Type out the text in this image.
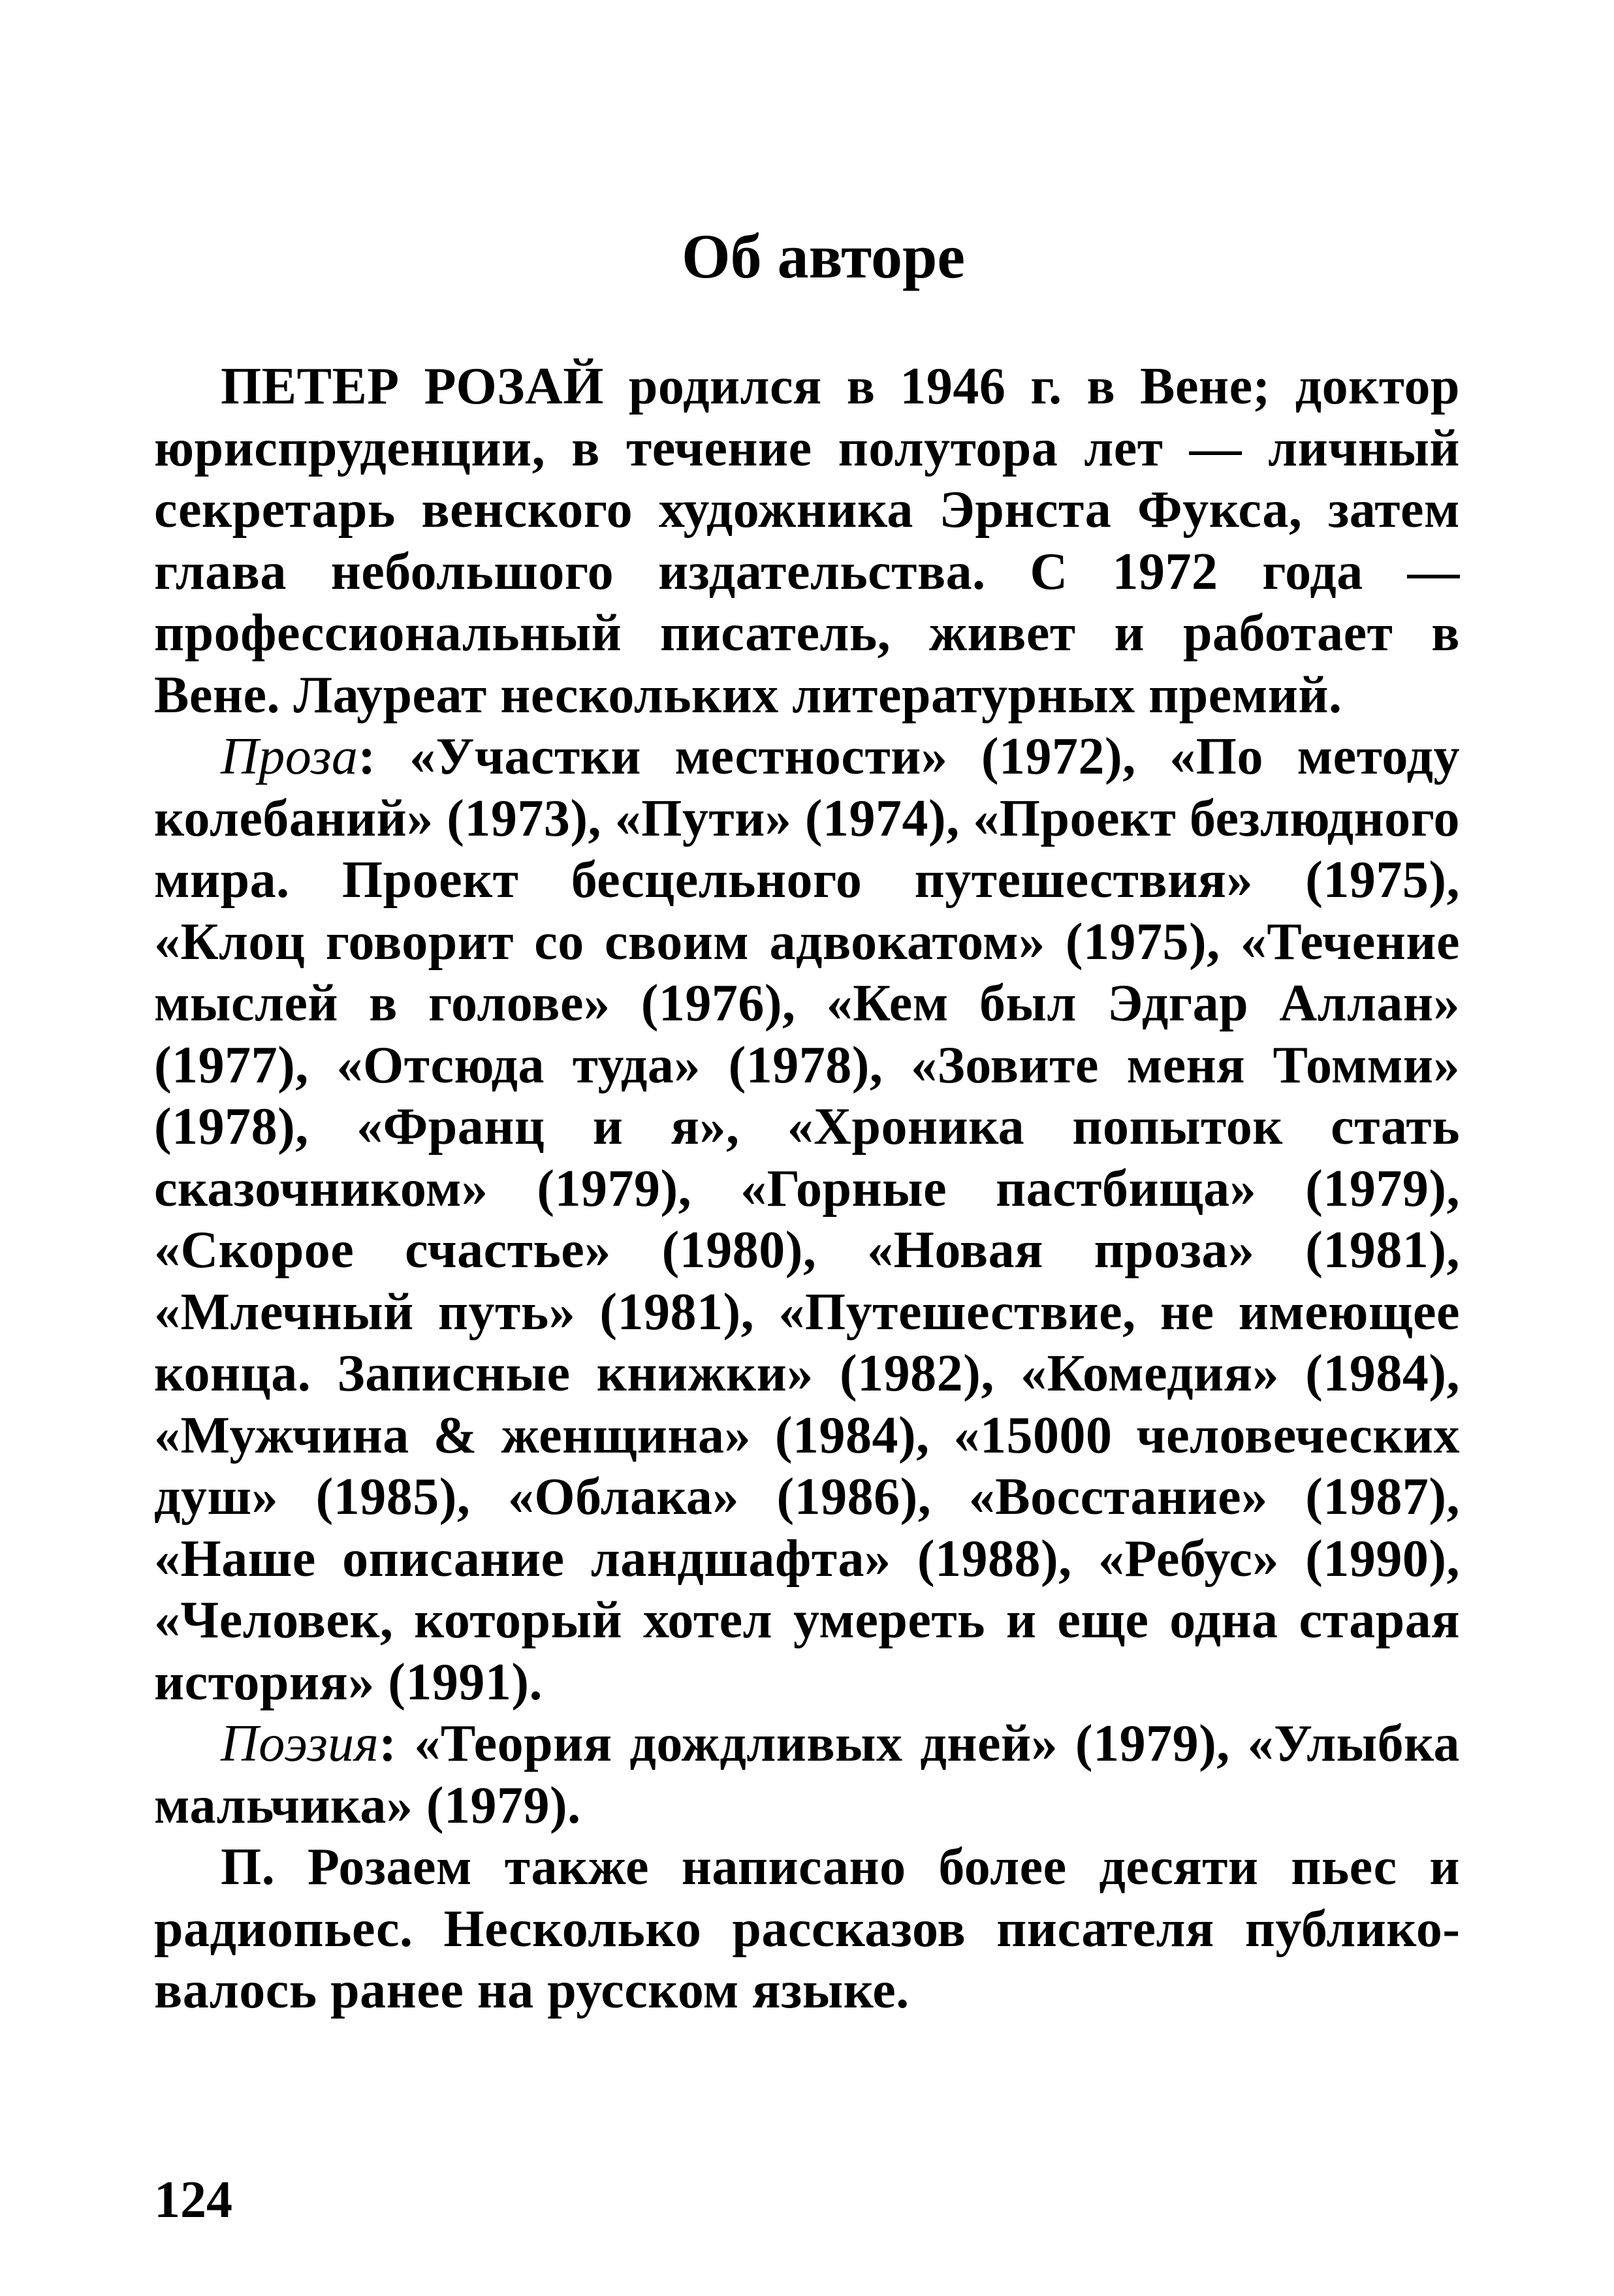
Об авторе

ПЕТЕР РОЗАЙ родился в 1946 г. в Вене; доктор юриспруденции, в течение полутора лет — личный секретарь венского художника Эрнста Фукса, затем глава небольшого издательства. С 1972 года — профессиональный писатель, живет и работает в Вене. Лауреат нескольких литературных премий.

Проза: «Участки местности» (1972), «По методу колебаний» (1973), «Пути» (1974), «Проект безлюдного мира. Проект бесцельного путешествия» (1975), «Клоц говорит со своим адвокатом» (1975), «Течение мыслей в голове» (1976), «Кем был Эдгар Аллан» (1977), «Отсюда туда» (1978), «Зовите меня Томми» (1978), «Франц и я», «Хроника попыток стать сказочником» (1979), «Горные пастбища» (1979), «Скорое счастье» (1980), «Новая проза» (1981), «Млечный путь» (1981), «Путешествие, не имеющее конца. Записные книжки» (1982), «Комедия» (1984), «Мужчина & женщина» (1984), «15000 человеческих душ» (1985), «Облака» (1986), «Восстание» (1987), «Наше описание ландшафта» (1988), «Ребус» (1990), «Человек, который хотел умереть и еще одна старая история» (1991).

Поэзия: «Теория дождливых дней» (1979), «Улыбка мальчика» (1979).

П. Розаем также написано более десяти пьес и радиопьес. Несколько рассказов писателя публиковалось ранее на русском языке.

124
